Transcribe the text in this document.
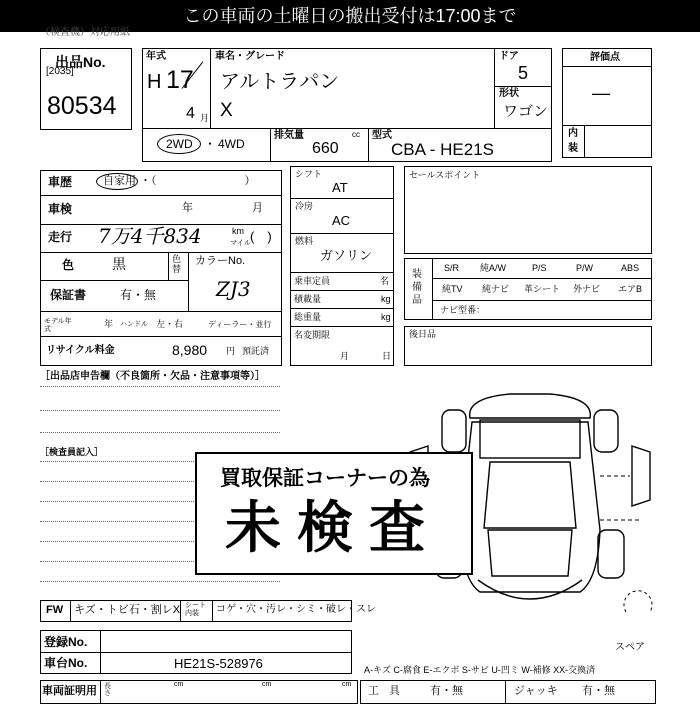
この車両の土曜日の搬出受付は17:00まで
（検査機）対応用紙
出品No.
[2035]
80534
年式
H 17
4 月
車名・グレード
アルトラパン
X
ドア
5
形状
ワゴン
2WD ・ 4WD
排気量	cc
660
型式
CBA - HE21S
評価点
—
内
装
車歴	自家用 ・（　　　　　　　　）
車検	年	月
走行 7万4千834	km
マイル (　)
色	黒	色替
カラーNo.
ZJ3
保証書	有・無
モデル年式
年 ハンドル 左・右	ディーラー・並行
リサイクル料金	8,980 円 預託済
シフト
AT
冷房
AC
燃料
ガソリン
乗車定員	名
積載量	kg
総重量	kg
名変期限
月	日
セールスポイント
装備品
S/R 純A/W	P/S	P/W	ABS
純TV 純ナビ 革シート 外ナビ エアB
ナビ型番：
後日品
［出品店申告欄（不良箇所・欠品・注意事項等）］
［検査員記入］
買取保証コーナーの為
未検査
FW キズ・トビ石・割レX シート内装	コゲ・穴・汚レ・シミ・破レ・スレ
登録No.
車台No.	HE21S-528976
車両証明用 長さ
cm	cm	cm
スペア
A-キズ C-腐食 E-エクボ S-サビ U-凹ミ W-補修 XX-交換済
工具 有・無	ジャッキ 有・無
